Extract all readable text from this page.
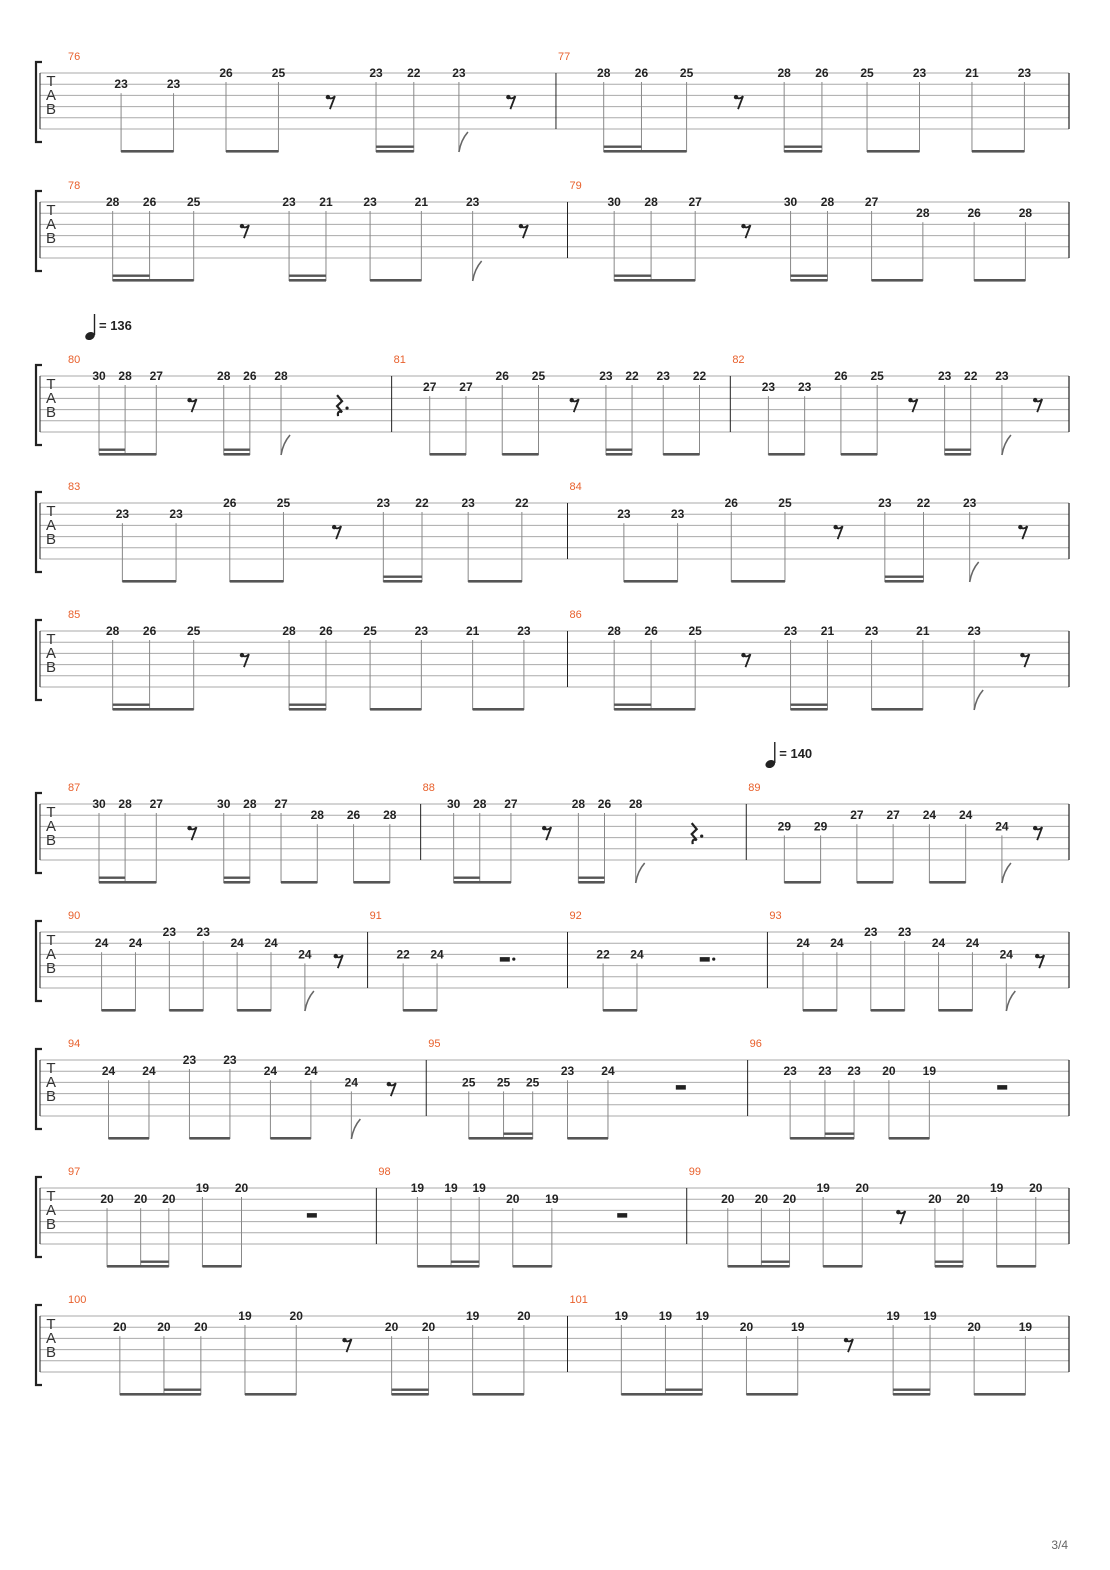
T
A
B
76
23	23
26	25	23 22	23
77
28 26	25	28 26	25	23	21	23
T
A
B
78
28 26	25	23 21	23	21	23
79
30 28	27	30 28	27
28	26	28
T
A
B
80
30 28 27	28 26 28
81
27 27
26 25	23 22 23 22
82
23 23
26 25	23 22 23
= 136
T
A
B
83
23	23
26	25	23 22	23	22
84
23	23
26	25	23 22	23
T
A
B
85
28 26	25	28 26	25	23	21	23
86
28 26	25	23 21	23	21	23
T
A
B
87
30 28 27	30 28 27
28 26 28
88
30 28 27	28 26 28
89
29 29
27 27 24 24
24
= 140
T
A
B
90
24 24
23 23
24 24
24
91
22 24
92
22 24
93
24 24
23 23
24 24
24
T
A
B
94
24 24
23 23
24 24
24
95
25 25 25
23 24
96
23 23 23 20 19
T
A
B
97
20 20 20
19 20
98
19 19 19
20 19
99
20 20 20
19 20
20 20
19 20
T
A
B
100
20	20 20
19	20
20 20
19	20
101
19	19 19
20	19
19 19
20	19
3/4
